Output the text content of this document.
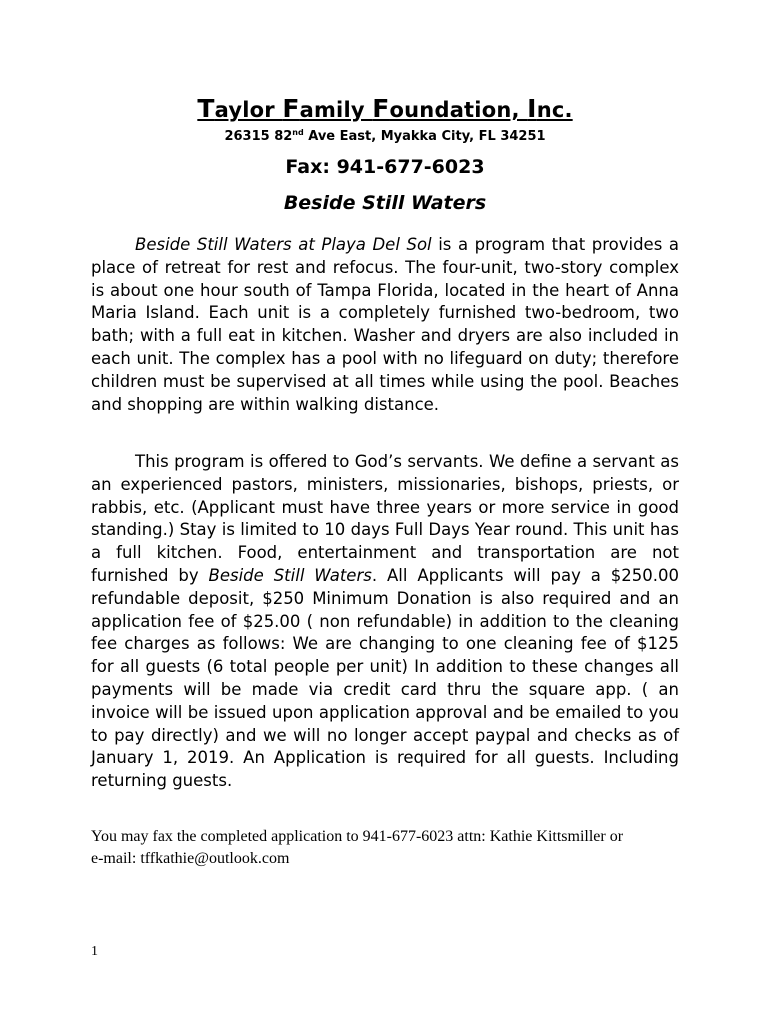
Taylor Family Foundation, Inc.
26315 82nd Ave East, Myakka City, FL 34251
Fax: 941-677-6023
Beside Still Waters

Beside Still Waters at Playa Del Sol is a program that provides a place of retreat for rest and refocus. The four-unit, two-story complex is about one hour south of Tampa Florida, located in the heart of Anna Maria Island. Each unit is a completely furnished two-bedroom, two bath; with a full eat in kitchen. Washer and dryers are also included in each unit. The complex has a pool with no lifeguard on duty; therefore children must be supervised at all times while using the pool. Beaches and shopping are within walking distance.

This program is offered to God’s servants. We define a servant as an experienced pastors, ministers, missionaries, bishops, priests, or rabbis, etc. (Applicant must have three years or more service in good standing.) Stay is limited to 10 days Full Days Year round. This unit has a full kitchen. Food, entertainment and transportation are not furnished by Beside Still Waters. All Applicants will pay a $250.00 refundable deposit, $250 Minimum Donation is also required and an application fee of $25.00 ( non refundable) in addition to the cleaning fee charges as follows: We are changing to one cleaning fee of $125 for all guests (6 total people per unit) In addition to these changes all payments will be made via credit card thru the square app. ( an invoice will be issued upon application approval and be emailed to you to pay directly) and we will no longer accept paypal and checks as of January 1, 2019. An Application is required for all guests. Including returning guests.

You may fax the completed application to 941-677-6023 attn: Kathie Kittsmiller or
e-mail: tffkathie@outlook.com
1
